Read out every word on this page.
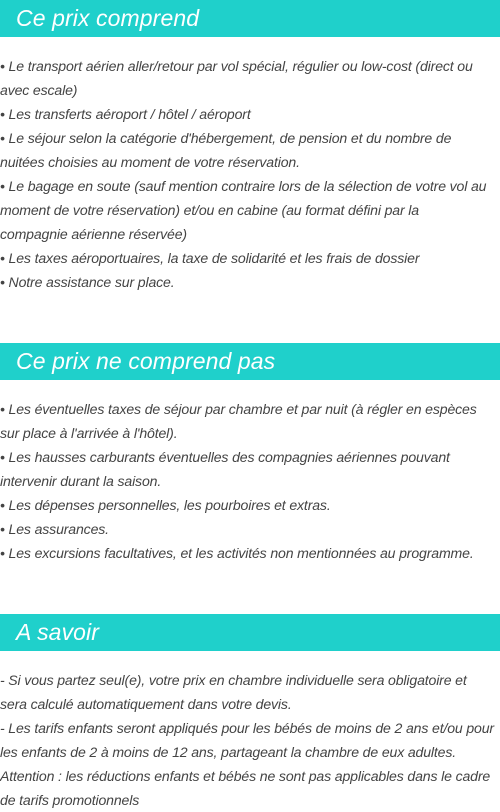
Ce prix comprend
• Le transport aérien aller/retour par vol spécial, régulier ou low-cost (direct ou
avec escale)
• Les transferts aéroport / hôtel / aéroport
• Le séjour selon la catégorie d'hébergement, de pension et du nombre de
nuitées choisies au moment de votre réservation.
• Le bagage en soute (sauf mention contraire lors de la sélection de votre vol au
moment de votre réservation) et/ou en cabine (au format défini par la
compagnie aérienne réservée)
• Les taxes aéroportuaires, la taxe de solidarité et les frais de dossier
• Notre assistance sur place.
Ce prix ne comprend pas
• Les éventuelles taxes de séjour par chambre et par nuit (à régler en espèces
sur place à l'arrivée à l'hôtel).
• Les hausses carburants éventuelles des compagnies aériennes pouvant
intervenir durant la saison.
• Les dépenses personnelles, les pourboires et extras.
• Les assurances.
• Les excursions facultatives, et les activités non mentionnées au programme.
A savoir
- Si vous partez seul(e), votre prix en chambre individuelle sera obligatoire et
sera calculé automatiquement dans votre devis.
- Les tarifs enfants seront appliqués pour les bébés de moins de 2 ans et/ou pour
les enfants de 2 à moins de 12 ans, partageant la chambre de eux adultes.
Attention : les réductions enfants et bébés ne sont pas applicables dans le cadre
de tarifs promotionnels
